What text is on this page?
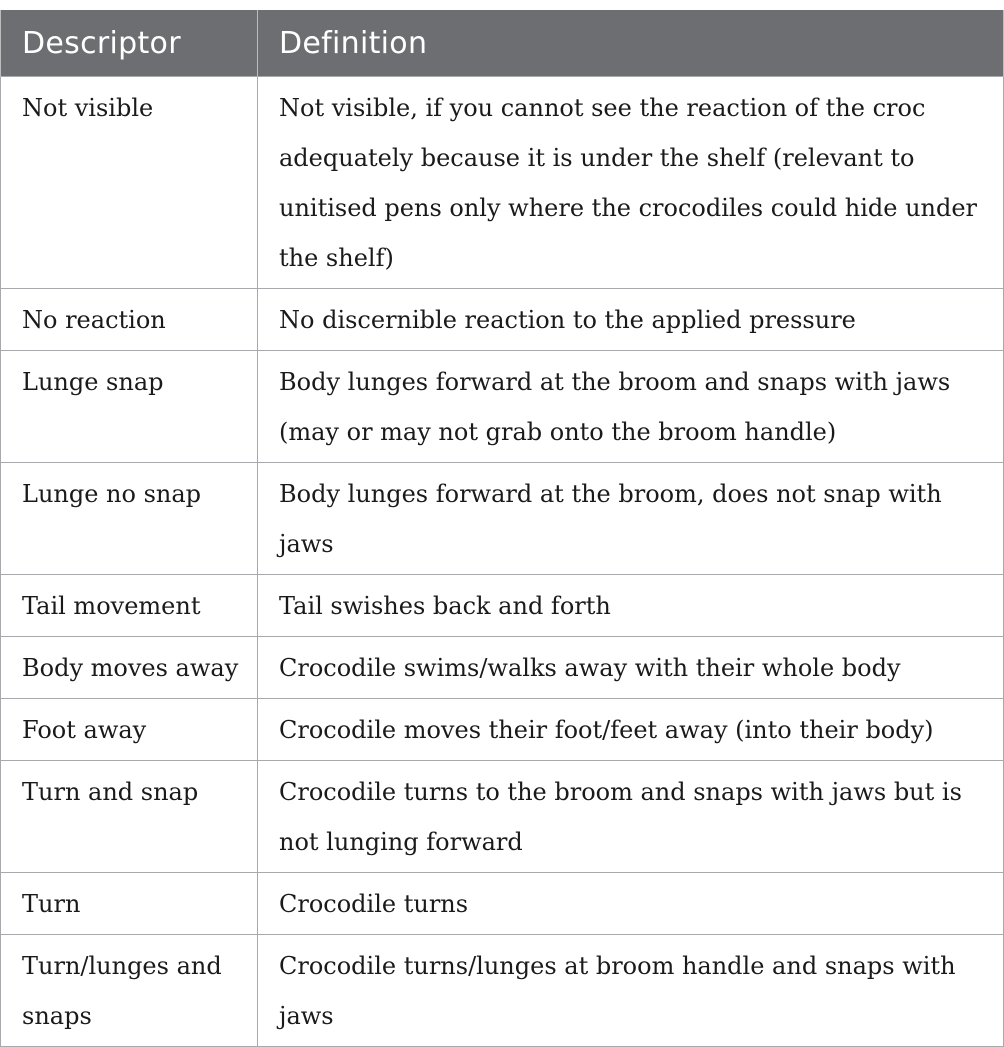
Descriptor	Definition
Not visible	Not visible, if you cannot see the reaction of the croc adequately because it is under the shelf (relevant to unitised pens only where the crocodiles could hide under the shelf)
No reaction	No discernible reaction to the applied pressure
Lunge snap	Body lunges forward at the broom and snaps with jaws (may or may not grab onto the broom handle)
Lunge no snap	Body lunges forward at the broom, does not snap with jaws
Tail movement	Tail swishes back and forth
Body moves away	Crocodile swims/walks away with their whole body
Foot away	Crocodile moves their foot/feet away (into their body)
Turn and snap	Crocodile turns to the broom and snaps with jaws but is not lunging forward
Turn	Crocodile turns
Turn/lunges and snaps	Crocodile turns/lunges at broom handle and snaps with jaws
